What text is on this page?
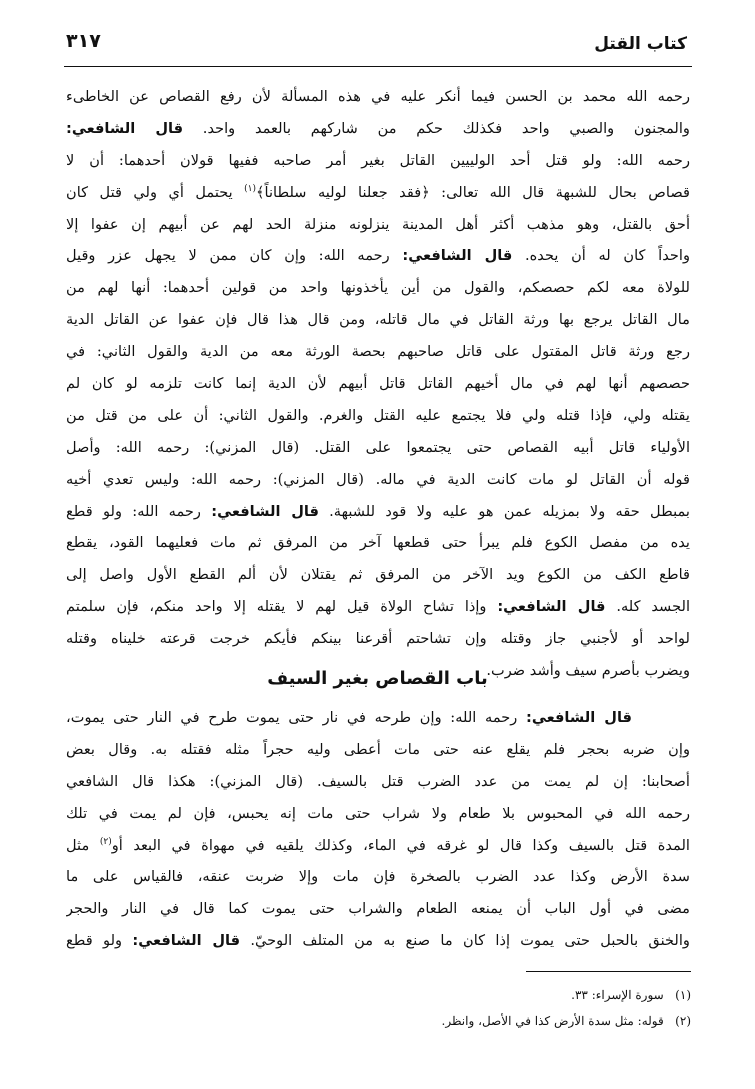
كتاب القتل
٣١٧
رحمه الله محمد بن الحسن فيما أنكر عليه في هذه المسألة لأن رفع القصاص عن الخاطىء
والمجنون والصبي واحد فكذلك حكم من شاركهم بالعمد واحد. قال الشافعي:
رحمه الله: ولو قتل أحد الولييين القاتل بغير أمر صاحبه ففيها قولان أحدهما: أن لا
قصاص بحال للشبهة قال الله تعالى: ﴿فقد جعلنا لوليه سلطاناً﴾$^{(١)}$ يحتمل أي ولي قتل كان
أحق بالقتل، وهو مذهب أكثر أهل المدينة ينزلونه منزلة الحد لهم عن أبيهم إن عفوا إلا
واحداً كان له أن يحده. قال الشافعي: رحمه الله: وإن كان ممن لا يجهل عزر وقيل
للولاة معه لكم حصصكم، والقول من أين يأخذونها واحد من قولين أحدهما: أنها لهم من
مال القاتل يرجع بها ورثة القاتل في مال قاتله، ومن قال هذا قال فإن عفوا عن القاتل الدية
رجع ورثة قاتل المقتول على قاتل صاحبهم بحصة الورثة معه من الدية والقول الثاني: في
حصصهم أنها لهم في مال أخيهم القاتل قاتل أبيهم لأن الدية إنما كانت تلزمه لو كان لم
يقتله ولي، فإذا قتله ولي فلا يجتمع عليه القتل والغرم. والقول الثاني: أن على من قتل من
الأولياء قاتل أبيه القصاص حتى يجتمعوا على القتل. (قال المزني): رحمه الله: وأصل
قوله أن القاتل لو مات كانت الدية في ماله. (قال المزني): رحمه الله: وليس تعدي أخيه
بمبطل حقه ولا بمزيله عمن هو عليه ولا قود للشبهة. قال الشافعي: رحمه الله: ولو قطع
يده من مفصل الكوع فلم يبرأ حتى قطعها آخر من المرفق ثم مات فعليهما القود، يقطع
قاطع الكف من الكوع ويد الآخر من المرفق ثم يقتلان لأن ألم القطع الأول واصل إلى
الجسد كله. قال الشافعي: وإذا تشاح الولاة قيل لهم لا يقتله إلا واحد منكم، فإن سلمتم
لواحد أو لأجنبي جاز وقتله وإن تشاحتم أقرعنا بينكم فأيكم خرجت قرعته خليناه وقتله
ويضرب بأصرم سيف وأشد ضرب.
باب القصاص بغير السيف
قال الشافعي: رحمه الله: وإن طرحه في نار حتى يموت طرح في النار حتى يموت،
وإن ضربه بحجر فلم يقلع عنه حتى مات أعطى وليه حجراً مثله فقتله به. وقال بعض
أصحابنا: إن لم يمت من عدد الضرب قتل بالسيف. (قال المزني): هكذا قال الشافعي
رحمه الله في المحبوس بلا طعام ولا شراب حتى مات إنه يحبس، فإن لم يمت في تلك
المدة قتل بالسيف وكذا قال لو غرقه في الماء، وكذلك يلقيه في مهواة في البعد أو$^{(٢)}$ مثل
سدة الأرض وكذا عدد الضرب بالصخرة فإن مات وإلا ضربت عنقه، فالقياس على ما
مضى في أول الباب أن يمنعه الطعام والشراب حتى يموت كما قال في النار والحجر
والخنق بالحبل حتى يموت إذا كان ما صنع به من المتلف الوحيّ. قال الشافعي: ولو قطع
(١)   سورة الإسراء: ٣٣.
(٢)   قوله: مثل سدة الأرض كذا في الأصل، وانظر.
